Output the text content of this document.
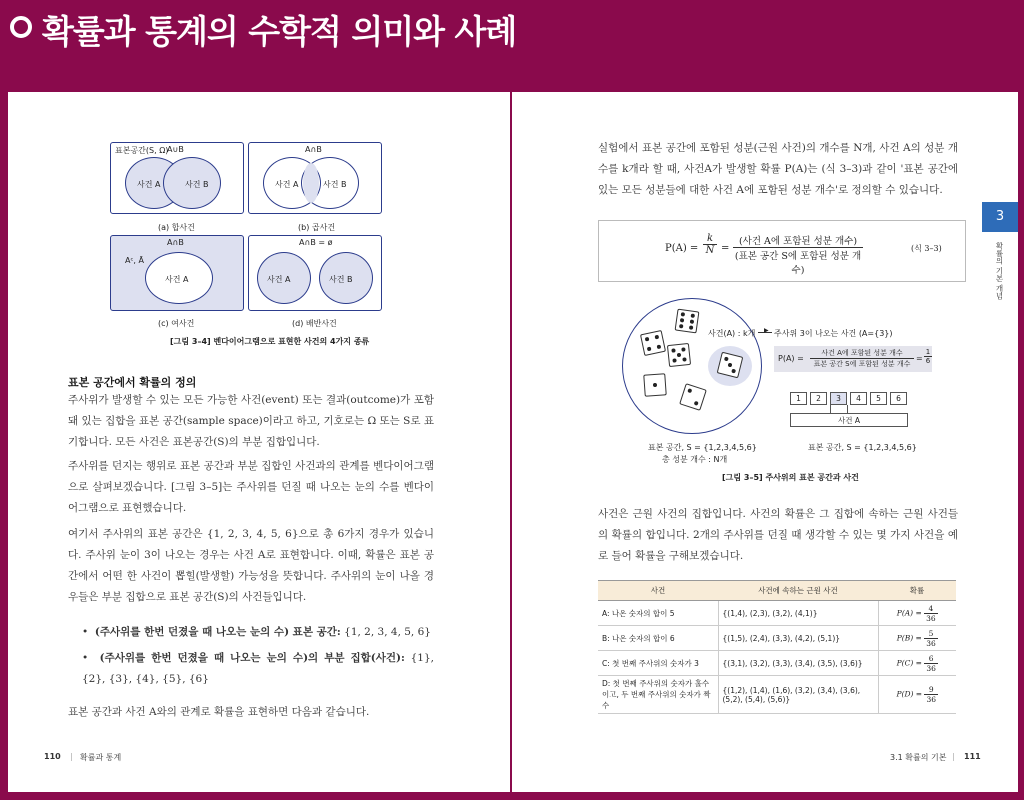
확률과 통계의 수학적 의미와 사례
표본공간(S, Ω)
A∪B
사건 A	사건 B
(a) 합사건
A∩B
사건 A	사건 B
(b) 곱사건
A∩B
Aᶜ, Ā
사건 A
(c) 여사건
A∩B = ø
사건 A	사건 B
(d) 배반사건
[그림 3–4] 벤다이어그램으로 표현한 사건의 4가지 종류
표본 공간에서 확률의 정의
주사위가 발생할 수 있는 모든 가능한 사건(event) 또는 결과(outcome)가 포함돼 있는 집합을 표본 공간(sample space)이라고 하고, 기호로는 Ω 또는 S로 표기합니다. 모든 사건은 표본공간(S)의 부분 집합입니다.
주사위를 던지는 행위로 표본 공간과 부분 집합인 사건과의 관계를 벤다이어그램으로 살펴보겠습니다. [그림 3–5]는 주사위를 던질 때 나오는 눈의 수를 벤다이어그램으로 표현했습니다.
여기서 주사위의 표본 공간은 {1, 2, 3, 4, 5, 6}으로 총 6가지 경우가 있습니다. 주사위 눈이 3이 나오는 경우는 사건 A로 표현합니다. 이때, 확률은 표본 공간에서 어떤 한 사건이 뽑힐(발생할) 가능성을 뜻합니다. 주사위의 눈이 나올 경우들은 부분 집합으로 표본 공간(S)의 사건들입니다.
•  (주사위를 한번 던졌을 때 나오는 눈의 수) 표본 공간: {1, 2, 3, 4, 5, 6}
•  (주사위를 한번 던졌을 때 나오는 눈의 수)의 부분 집합(사건): {1}, {2}, {3}, {4}, {5}, {6}
표본 공간과 사건 A와의 관계로 확률을 표현하면 다음과 같습니다.
110 | 확률과 통계
실험에서 표본 공간에 포함된 성분(근원 사건)의 개수를 N개, 사건 A의 성분 개수를 k개라 할 때, 사건A가 발생할 확률 P(A)는 (식 3–3)과 같이 '표본 공간에 있는 모든 성분들에 대한 사건 A에 포함된 성분 개수'로 정의할 수 있습니다.
P(A) =
k
N =
(사건 A에 포함된 성분 개수)
(표본 공간 S에 포함된 성분 개수)
(식 3–3)
사건(A) : k개 ▶ 주사위 3이 나오는 사건 (A={3})
P(A) =
사건 A에 포함된 성분 개수
표본 공간 S에 포함된 성분 개수
=
1
6
1	2	3	4	5	6
사건 A
표본 공간, S = {1,2,3,4,5,6}
총 성분 개수 : N개
표본 공간, S = {1,2,3,4,5,6}
[그림 3–5] 주사위의 표본 공간과 사건
사건은 근원 사건의 집합입니다. 사건의 확률은 그 집합에 속하는 근원 사건들의 확률의 합입니다. 2개의 주사위를 던질 때 생각할 수 있는 몇 가지 사건을 예로 들어 확률을 구해보겠습니다.
사건	사건에 속하는 근원 사건	확률
A: 나온 숫자의 합이 5	{(1,4), (2,3), (3,2), (4,1)}	$P(A) = \frac{4}{36}$

B: 나온 숫자의 합이 6	{(1,5), (2,4), (3,3), (4,2), (5,1)}	$P(B) = \frac{5}{36}$

C: 첫 번째 주사위의 숫자가 3	{(3,1), (3,2), (3,3), (3,4), (3,5), (3,6)}	$P(C) = \frac{6}{36}$

D: 첫 번째 주사위의 숫자가 홀수이고, 두 번째 주사위의 숫자가 짝수	{(1,2), (1,4), (1,6), (3,2), (3,4), (3,6), (5,2), (5,4), (5,6)}	$P(D) = \frac{9}{36}$
3
확률의 기본 개념
3.1 확률의 기본 | 111
